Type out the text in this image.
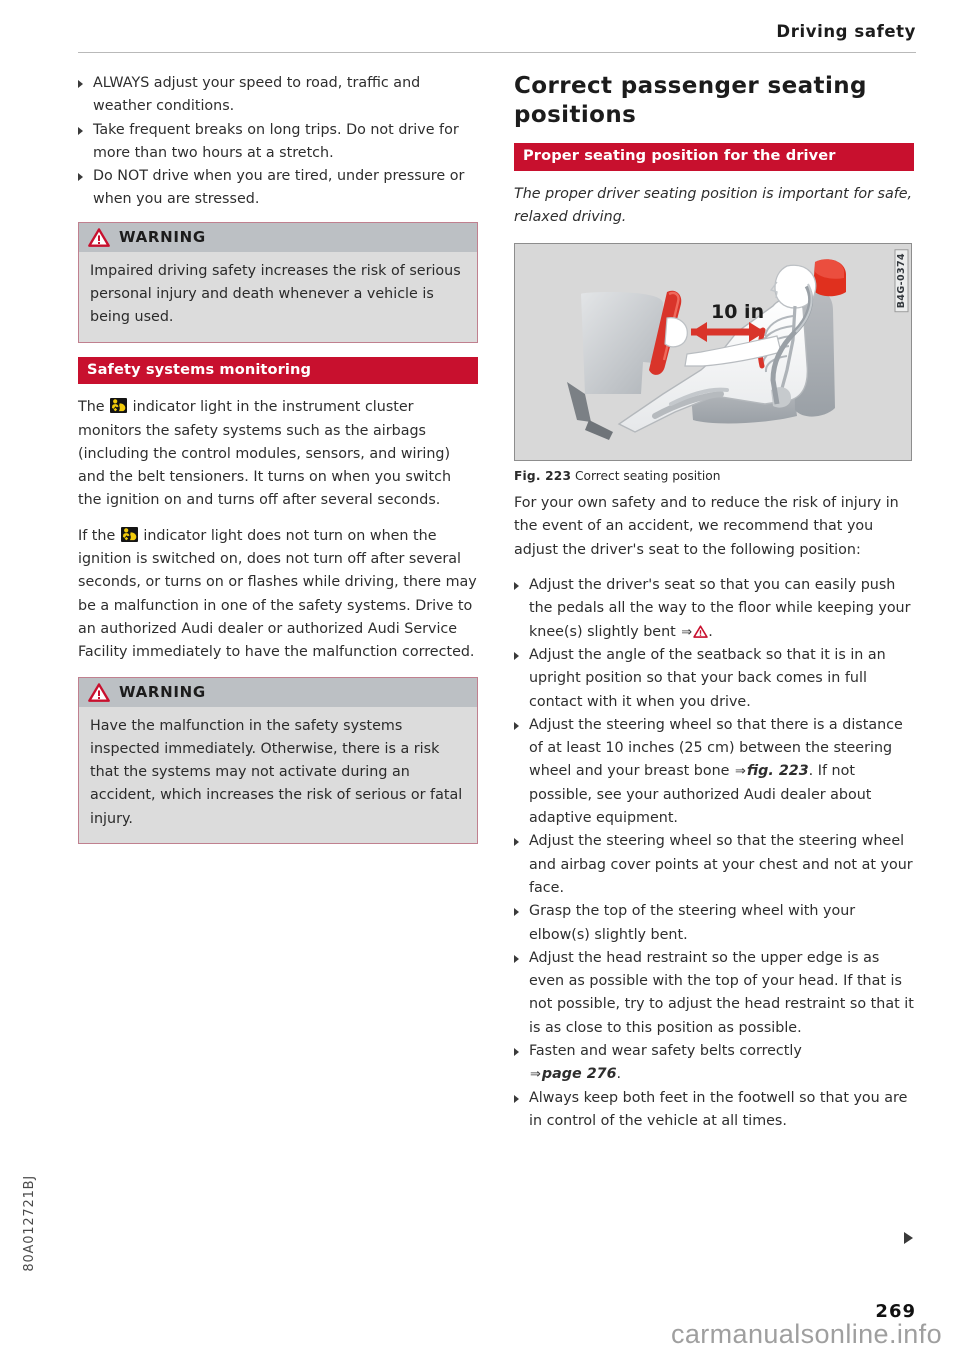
Driving safety
ALWAYS adjust your speed to road, traffic and weather conditions.
Take frequent breaks on long trips. Do not drive for more than two hours at a stretch.
Do NOT drive when you are tired, under pressure or when you are stressed.
WARNING
Impaired driving safety increases the risk of serious personal injury and death whenever a vehicle is being used.
Safety systems monitoring

The
indicator light in the instrument cluster monitors the safety systems such as the airbags (including the control modules, sensors, and wiring) and the belt tensioners. It turns on when you switch the ignition on and turns off after several seconds.

If the
indicator light does not turn on when the ignition is switched on, does not turn off after several seconds, or turns on or flashes while driving, there may be a malfunction in one of the safety systems. Drive to an authorized Audi dealer or authorized Audi Service Facility immediately to have the malfunction corrected.

WARNING
Have the malfunction in the safety systems inspected immediately. Otherwise, there is a risk that the systems may not activate during an accident, which increases the risk of serious or fatal injury.
Correct passenger seating positions
Proper seating position for the driver

The proper driver seating position is important for safe, relaxed driving.

10 in
B4G-0374
Fig. 223 Correct seating position

For your own safety and to reduce the risk of injury in the event of an accident, we recommend that you adjust the driver's seat to the following position:

Adjust the driver's seat so that you can easily push the pedals all the way to the floor while keeping your knee(s) slightly bent ⇒ .
Adjust the angle of the seatback so that it is in an upright position so that your back comes in full contact with it when you drive.
Adjust the steering wheel so that there is a distance of at least 10 inches (25 cm) between the steering wheel and your breast bone ⇒fig. 223. If not possible, see your authorized Audi dealer about adaptive equipment.
Adjust the steering wheel so that the steering wheel and airbag cover points at your chest and not at your face.
Grasp the top of the steering wheel with your elbow(s) slightly bent.
Adjust the head restraint so the upper edge is as even as possible with the top of your head. If that is not possible, try to adjust the head restraint so that it is as close to this position as possible.
Fasten and wear safety belts correctly
⇒page 276.
Always keep both feet in the footwell so that you are in control of the vehicle at all times.
80A012721BJ
269
carmanualsonline.info
